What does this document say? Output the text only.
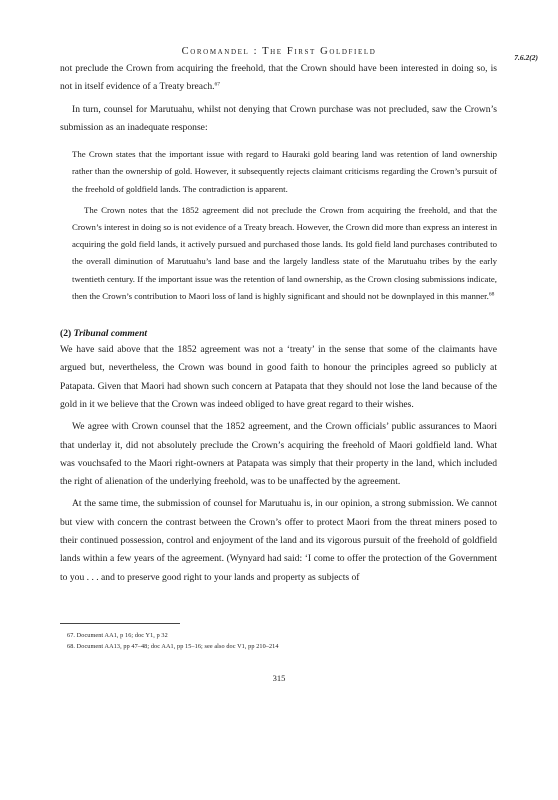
Coromandel : The First Goldfield
7.6.2(2)

not preclude the Crown from acquiring the freehold, that the Crown should have been interested in doing so, is not in itself evidence of a Treaty breach.$^{67}$

In turn, counsel for Marutuahu, whilst not denying that Crown purchase was not precluded, saw the Crown’s submission as an inadequate response:

The Crown states that the important issue with regard to Hauraki gold bearing land was retention of land ownership rather than the ownership of gold. However, it subsequently rejects claimant criticisms regarding the Crown’s pursuit of the freehold of goldfield lands. The contradiction is apparent.

The Crown notes that the 1852 agreement did not preclude the Crown from acquiring the freehold, and that the Crown’s interest in doing so is not evidence of a Treaty breach. However, the Crown did more than express an interest in acquiring the gold field lands, it actively pursued and purchased those lands. Its gold field land purchases contributed to the overall diminution of Marutuahu’s land base and the largely landless state of the Marutuahu tribes by the early twentieth century. If the important issue was the retention of land ownership, as the Crown closing submissions indicate, then the Crown’s contribution to Maori loss of land is highly significant and should not be downplayed in this manner.$^{68}$

(2) Tribunal comment

We have said above that the 1852 agreement was not a ‘treaty’ in the sense that some of the claimants have argued but, nevertheless, the Crown was bound in good faith to honour the principles agreed so publicly at Patapata. Given that Maori had shown such concern at Patapata that they should not lose the land because of the gold in it we believe that the Crown was indeed obliged to have great regard to their wishes.

We agree with Crown counsel that the 1852 agreement, and the Crown officials’ public assurances to Maori that underlay it, did not absolutely preclude the Crown’s acquiring the freehold of Maori goldfield land. What was vouchsafed to the Maori right-owners at Patapata was simply that their property in the land, which included the right of alienation of the underlying freehold, was to be unaffected by the agreement.

At the same time, the submission of counsel for Marutuahu is, in our opinion, a strong submission. We cannot but view with concern the contrast between the Crown’s offer to protect Maori from the threat miners posed to their continued possession, control and enjoyment of the land and its vigorous pursuit of the freehold of goldfield lands within a few years of the agreement. (Wynyard had said: ‘I come to offer the protection of the Government to you . . . and to preserve good right to your lands and property as subjects of

67. Document AA1, p 16; doc Y1, p 32
68. Document AA13, pp 47–48; doc AA1, pp 15–16; see also doc V1, pp 210–214
315
